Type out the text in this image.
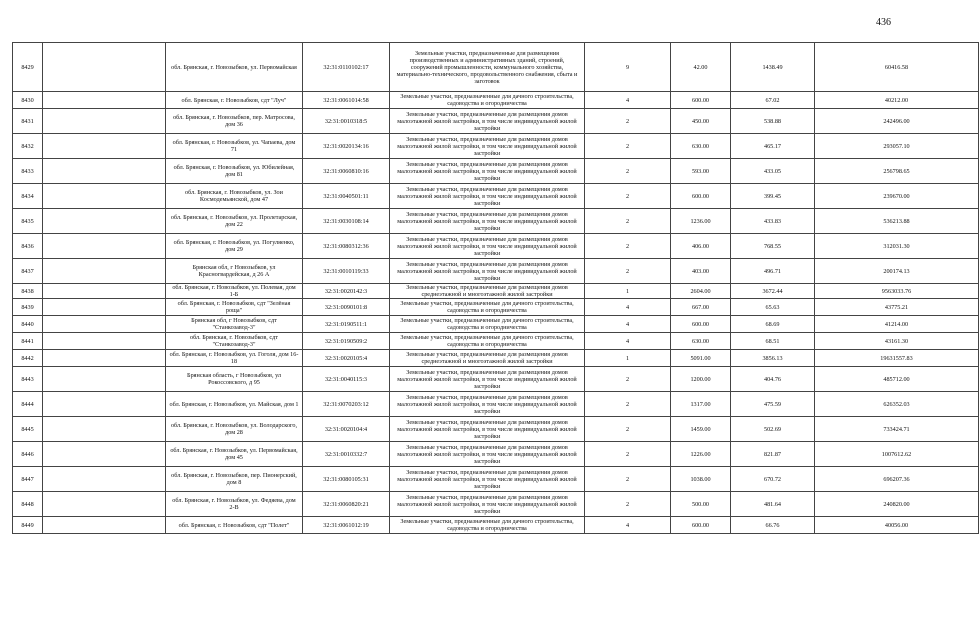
436
8429		обл. Брянская, г. Новозыбков, ул. Первомайская	32:31:0110102:17	Земельные участки, предназначенные для размещения производственных и административных зданий, строений, сооружений промышленности, коммунального хозяйства, материально-технического, продовольственного снабжения, сбыта и заготовок	9	42.00	1438.49	60416.58
8430		обл. Брянская, г. Новозыбков, сдт "Луч"	32:31:0061014:58	Земельные участки, предназначенные для дачного строительства, садоводства и огородничества	4	600.00	67.02	40212.00
8431		обл. Брянская, г. Новозыбков, пер. Матросова, дом 36	32:31:0010318:5	Земельные участки, предназначенные для размещения домов малоэтажной жилой застройки, в том числе индивидуальной жилой застройки	2	450.00	538.88	242496.00
8432		обл. Брянская, г. Новозыбков, ул. Чапаева, дом 71	32:31:0020134:16	Земельные участки, предназначенные для размещения домов малоэтажной жилой застройки, в том числе индивидуальной жилой застройки	2	630.00	465.17	293057.10
8433		обл. Брянская, г. Новозыбков, ул. Юбилейная, дом 81	32:31:0060810:16	Земельные участки, предназначенные для размещения домов малоэтажной жилой застройки, в том числе индивидуальной жилой застройки	2	593.00	433.05	256798.65
8434		обл. Брянская, г. Новозыбков, ул. Зои Космодемьянской, дом 47	32:31:0040501:11	Земельные участки, предназначенные для размещения домов малоэтажной жилой застройки, в том числе индивидуальной жилой застройки	2	600.00	399.45	239670.00
8435		обл. Брянская, г. Новозыбков, ул. Пролетарская, дом 22	32:31:0030108:14	Земельные участки, предназначенные для размещения домов малоэтажной жилой застройки, в том числе индивидуальной жилой застройки	2	1236.00	433.83	536213.88
8436		обл. Брянская, г. Новозыбков, ул. Погуляенко, дом 29	32:31:0080312:36	Земельные участки, предназначенные для размещения домов малоэтажной жилой застройки, в том числе индивидуальной жилой застройки	2	406.00	768.55	312031.30
8437		Брянская обл, г Новозыбков, ул Красногвардейская, д 26 А	32:31:0010119:33	Земельные участки, предназначенные для размещения домов малоэтажной жилой застройки, в том числе индивидуальной жилой застройки	2	403.00	496.71	200174.13
8438		обл. Брянская, г. Новозыбков, ул. Полевая, дом 1-Б	32:31:0020142:3	Земельные участки, предназначенные для размещения домов среднеэтажной и многоэтажной жилой застройки	1	2604.00	3672.44	9563033.76
8439		обл. Брянская, г. Новозыбков, сдт "Зелёная роща"	32:31:0090101:8	Земельные участки, предназначенные для дачного строительства, садоводства и огородничества	4	667.00	65.63	43775.21
8440		Брянская обл, г Новозыбков, сдт "Станкозавод-3"	32:31:0190511:1	Земельные участки, предназначенные для дачного строительства, садоводства и огородничества	4	600.00	68.69	41214.00
8441		обл. Брянская, г. Новозыбков, сдт "Станкозавод-3"	32:31:0190509:2	Земельные участки, предназначенные для дачного строительства, садоводства и огородничества	4	630.00	68.51	43161.30
8442		обл. Брянская, г. Новозыбков, ул. Гоголя, дом 16-18	32:31:0020105:4	Земельные участки, предназначенные для размещения домов среднеэтажной и многоэтажной жилой застройки	1	5091.00	3856.13	19631557.83
8443		Брянская область, г Новозыбков, ул Рокоссовского, д 95	32:31:0040115:3	Земельные участки, предназначенные для размещения домов малоэтажной жилой застройки, в том числе индивидуальной жилой застройки	2	1200.00	404.76	485712.00
8444		обл. Брянская, г. Новозыбков, ул. Майская, дом 1	32:31:0070203:12	Земельные участки, предназначенные для размещения домов малоэтажной жилой застройки, в том числе индивидуальной жилой застройки	2	1317.00	475.59	626352.03
8445		обл. Брянская, г. Новозыбков, ул. Володарского, дом 28	32:31:0020104:4	Земельные участки, предназначенные для размещения домов малоэтажной жилой застройки, в том числе индивидуальной жилой застройки	2	1459.00	502.69	733424.71
8446		обл. Брянская, г. Новозыбков, ул. Первомайская, дом 45	32:31:0010332:7	Земельные участки, предназначенные для размещения домов малоэтажной жилой застройки, в том числе индивидуальной жилой застройки	2	1226.00	821.87	1007612.62
8447		обл. Брянская, г. Новозыбков, пер. Пионерский, дом 8	32:31:0080105:31	Земельные участки, предназначенные для размещения домов малоэтажной жилой застройки, в том числе индивидуальной жилой застройки	2	1038.00	670.72	696207.36
8448		обл. Брянская, г. Новозыбков, ул. Федяева, дом 2-В	32:31:0060820:21	Земельные участки, предназначенные для размещения домов малоэтажной жилой застройки, в том числе индивидуальной жилой застройки	2	500.00	481.64	240820.00
8449		обл. Брянская, г. Новозыбков, сдт "Полет"	32:31:0061012:19	Земельные участки, предназначенные для дачного строительства, садоводства и огородничества	4	600.00	66.76	40056.00
